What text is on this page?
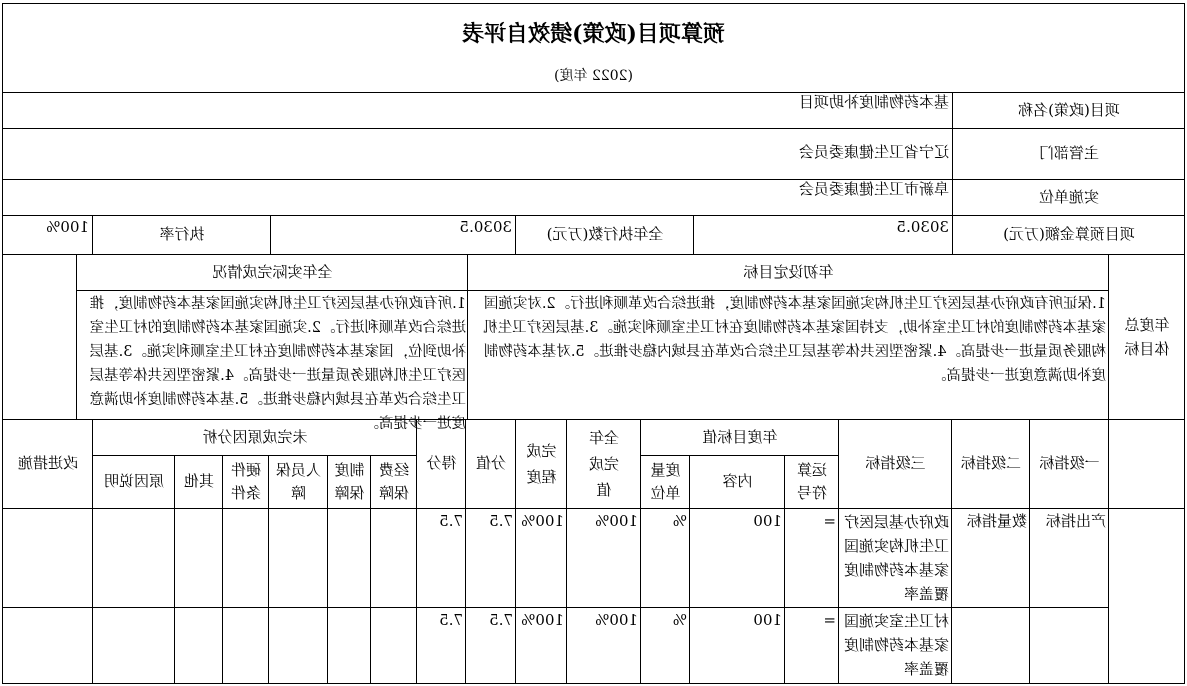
预算项目(政策)绩效自评表
(2022 年度)
项目(政策)名称
基本药物制度补助项目
主管部门
辽宁省卫生健康委员会
实施单位
阜新市卫生健康委员会
项目预算金额(万元)
3030.5
全年执行数(万元)
3030.5
执行率
100%
年度总体目标
年初设定目标
全年实际完成情况
1.保证所有政府办基层医疗卫生机构实施国家基本药物制度，推进综合改革顺利进行。2.对实施国家基本药物制度的村卫生室补助，支持国家基本药物制度在村卫生室顺利实施。3.基层医疗卫生机构服务质量进一步提高。4.紧密型医共体等基层卫生综合改革在县域内稳步推进。5.对基本药物制度补助满意度进一步提高。
1.所有政府办基层医疗卫生机构实施国家基本药物制度，推进综合改革顺利进行。2.实施国家基本药物制度的村卫生室补助到位，国家基本药物制度在村卫生室顺利实施。3.基层医疗卫生机构服务质量进一步提高。4.紧密型医共体等基层卫生综合改革在县域内稳步推进。5.基本药物制度补助满意度进一步提高。
一级指标
二级指标
三级指标
年度目标值
运算符号
内容
度量单位
全年完成值
完成程度
分值
得分
未完成原因分析
经费保障
制度保障
人员保障
硬件条件
其他
原因说明
改进措施
产出指标
数量指标
政府办基层医疗卫生机构实施国家基本药物制度覆盖率
=
100
%
100%
100%
7.5
7.5
村卫生室实施国家基本药物制度覆盖率
=
100
%
100%
100%
7.5
7.5
